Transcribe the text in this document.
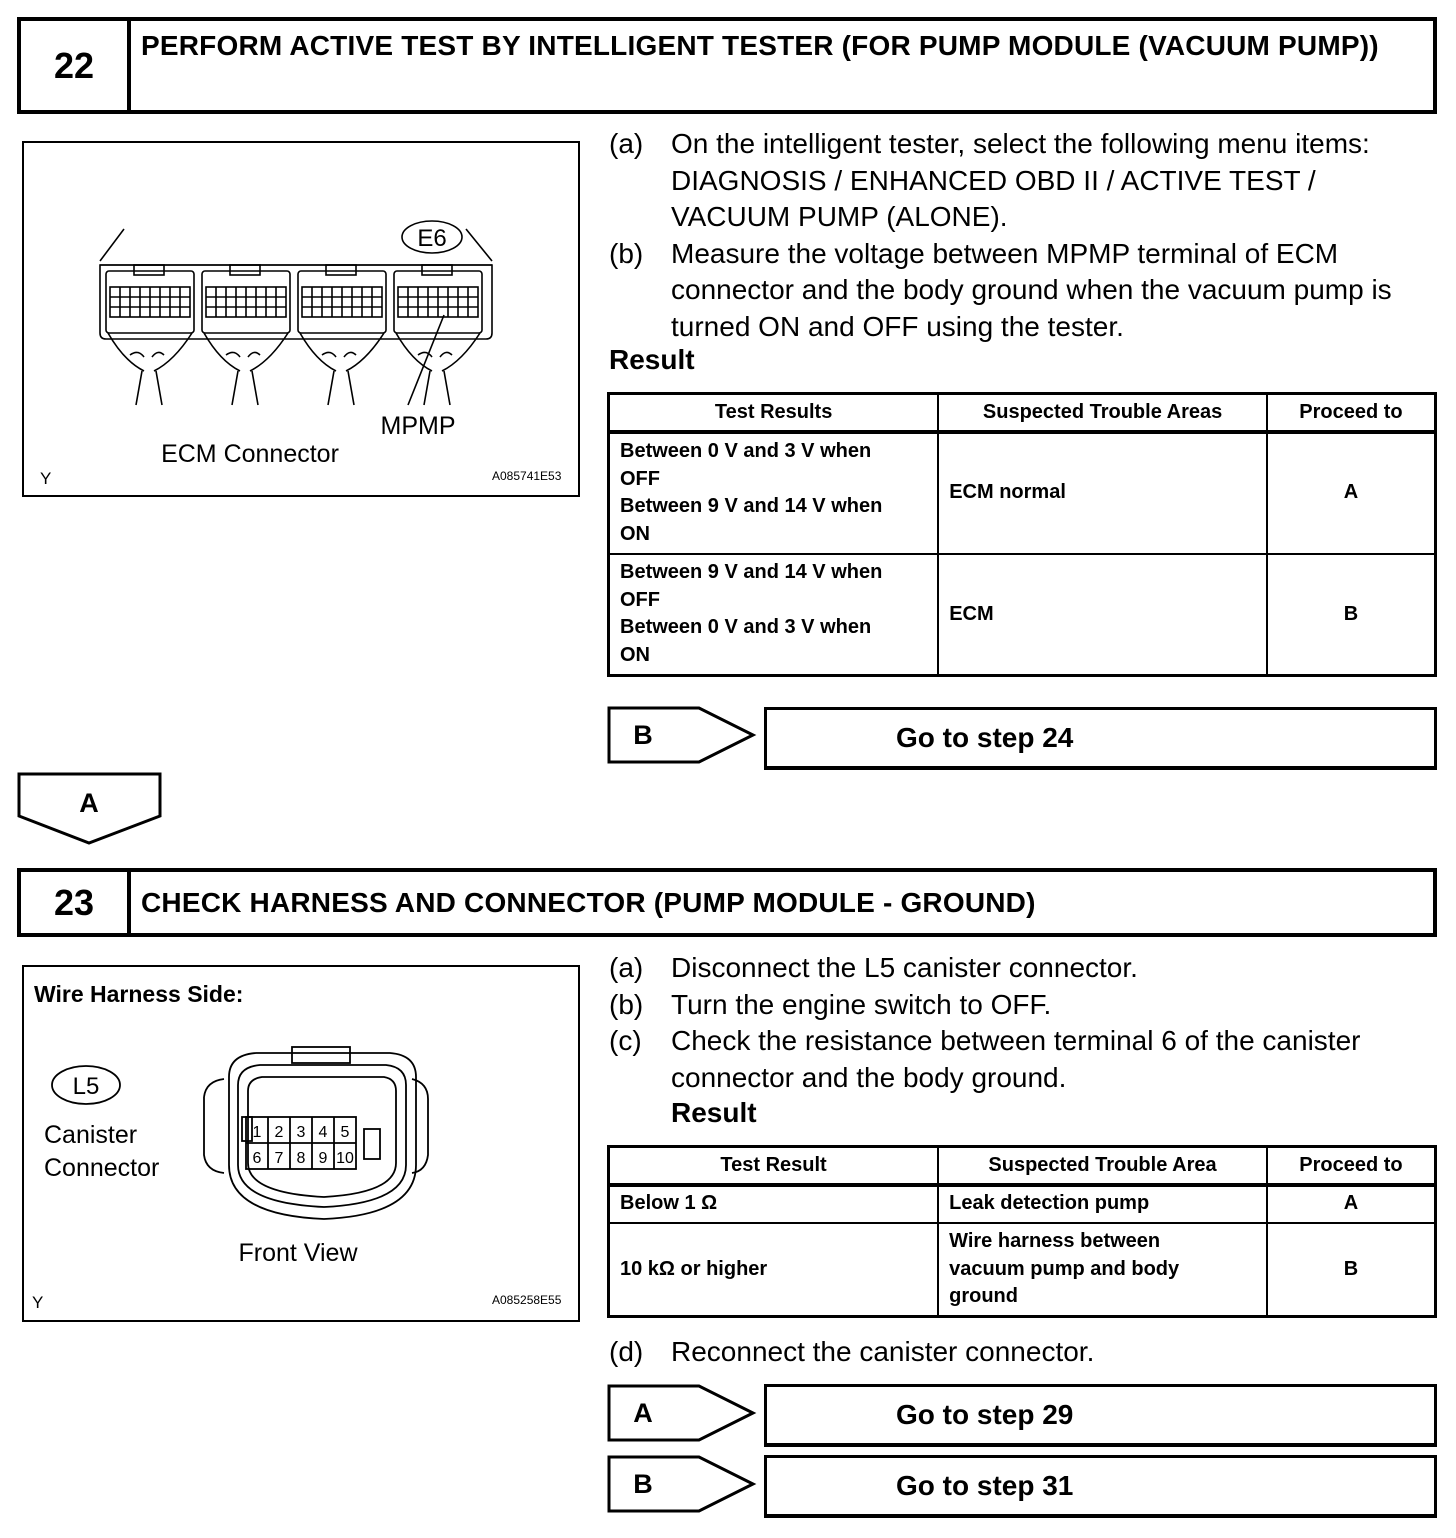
22	PERFORM ACTIVE TEST BY INTELLIGENT TESTER (FOR PUMP MODULE (VACUUM PUMP))
E6
MPMP
ECM Connector
Y	A085741E53
(a) On the intelligent tester, select the following menu items: DIAGNOSIS / ENHANCED OBD II / ACTIVE TEST / VACUUM PUMP (ALONE).
(b) Measure the voltage between MPMP terminal of ECM connector and the body ground when the vacuum pump is turned ON and OFF using the tester.
Result
Test Results	Suspected Trouble Areas	Proceed to

Between 0 V and 3 V when
OFF
Between 9 V and 14 V when
ON	ECM normal	A

Between 9 V and 14 V when
OFF
Between 0 V and 3 V when
ON	ECM	B
B	Go to step 24
A
23	CHECK HARNESS AND CONNECTOR (PUMP MODULE - GROUND)
Wire Harness Side:
L5
1 2 3 4 5
6 7 8 9 10
Canister
Connector
Front View
Y	A085258E55
(a) Disconnect the L5 canister connector.
(b) Turn the engine switch to OFF.
(c)	Check the resistance between terminal 6 of the canister connector and the body ground.
Result
Test Result	Suspected Trouble Area	Proceed to
Below 1 Ω	Leak detection pump	A
10 kΩ or higher	Wire harness between
vacuum pump and body
ground	B
(d) Reconnect the canister connector.
A	Go to step 29
B	Go to step 31
